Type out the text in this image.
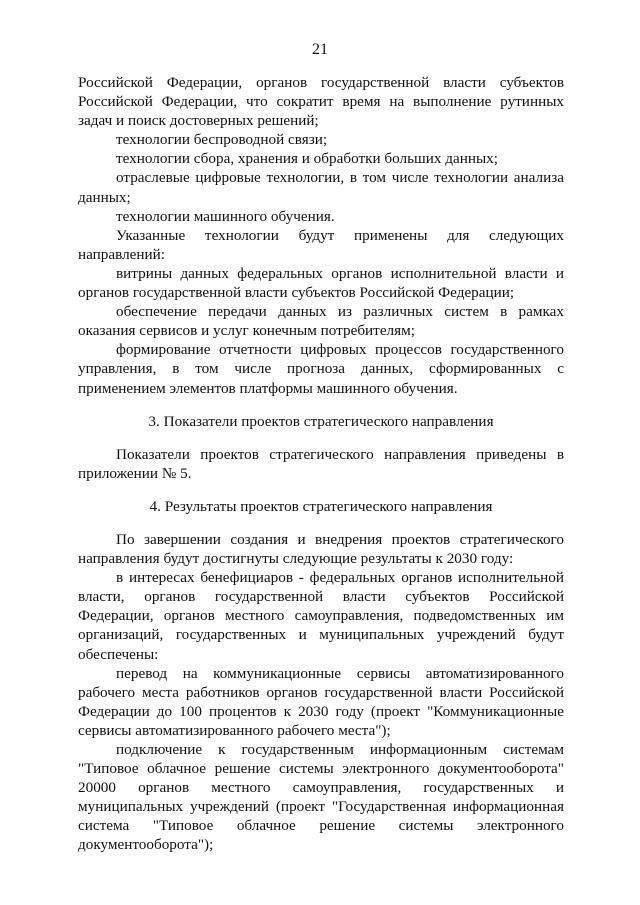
21

Российской Федерации, органов государственной власти субъектов Российской Федерации, что сократит время на выполнение рутинных задач и поиск достоверных решений;

технологии беспроводной связи;

технологии сбора, хранения и обработки больших данных;

отраслевые цифровые технологии, в том числе технологии анализа данных;

технологии машинного обучения.

Указанные технологии будут применены для следующих направлений:

витрины данных федеральных органов исполнительной власти и органов государственной власти субъектов Российской Федерации;

обеспечение передачи данных из различных систем в рамках оказания сервисов и услуг конечным потребителям;

формирование отчетности цифровых процессов государственного управления, в том числе прогноза данных, сформированных с применением элементов платформы машинного обучения.

3. Показатели проектов стратегического направления

Показатели проектов стратегического направления приведены в приложении № 5.

4. Результаты проектов стратегического направления

По завершении создания и внедрения проектов стратегического направления будут достигнуты следующие результаты к 2030 году:

в интересах бенефициаров - федеральных органов исполнительной власти, органов государственной власти субъектов Российской Федерации, органов местного самоуправления, подведомственных им организаций, государственных и муниципальных учреждений будут обеспечены:

перевод на коммуникационные сервисы автоматизированного рабочего места работников органов государственной власти Российской Федерации до 100 процентов к 2030 году (проект "Коммуникационные сервисы автоматизированного рабочего места");

подключение к государственным информационным системам "Типовое облачное решение системы электронного документооборота" 20000 органов местного самоуправления, государственных и муниципальных учреждений (проект "Государственная информационная система "Типовое облачное решение системы электронного документооборота");
